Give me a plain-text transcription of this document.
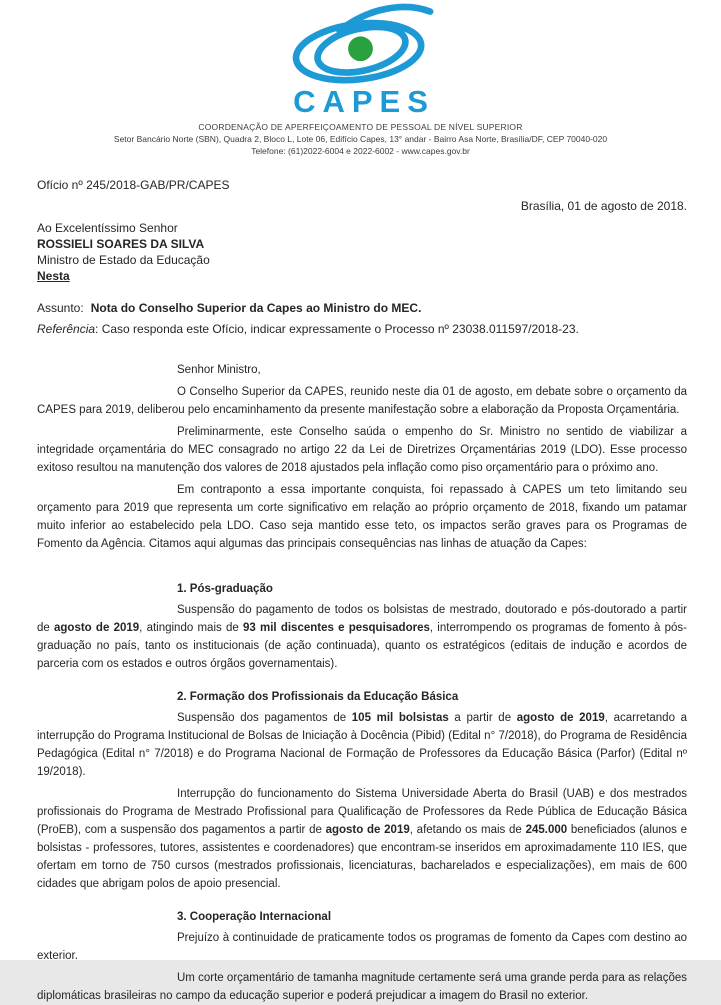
CAPES
COORDENAÇÃO DE APERFEIÇOAMENTO DE PESSOAL DE NÍVEL SUPERIOR
Setor Bancário Norte (SBN), Quadra 2, Bloco L, Lote 06, Edifício Capes, 13° andar - Bairro Asa Norte, Brasília/DF, CEP 70040-020
Telefone: (61)2022-6004 e 2022-6002 - www.capes.gov.br
Ofício nº 245/2018-GAB/PR/CAPES
Brasília, 01 de agosto de 2018.
Ao Excelentíssimo Senhor
ROSSIELI SOARES DA SILVA
Ministro de Estado da Educação
Nesta
Assunto: Nota do Conselho Superior da Capes ao Ministro do MEC.
Referência: Caso responda este Ofício, indicar expressamente o Processo nº 23038.011597/2018-23.

Senhor Ministro,

O Conselho Superior da CAPES, reunido neste dia 01 de agosto, em debate sobre o orçamento da CAPES para 2019, deliberou pelo encaminhamento da presente manifestação sobre a elaboração da Proposta Orçamentária.

Preliminarmente, este Conselho saúda o empenho do Sr. Ministro no sentido de viabilizar a integridade orçamentária do MEC consagrado no artigo 22 da Lei de Diretrizes Orçamentárias 2019 (LDO). Esse processo exitoso resultou na manutenção dos valores de 2018 ajustados pela inflação como piso orçamentário para o próximo ano.

Em contraponto a essa importante conquista, foi repassado à CAPES um teto limitando seu orçamento para 2019 que representa um corte significativo em relação ao próprio orçamento de 2018, fixando um patamar muito inferior ao estabelecido pela LDO. Caso seja mantido esse teto, os impactos serão graves para os Programas de Fomento da Agência. Citamos aqui algumas das principais consequências nas linhas de atuação da Capes:

1. Pós-graduação

Suspensão do pagamento de todos os bolsistas de mestrado, doutorado e pós-doutorado a partir de agosto de 2019, atingindo mais de 93 mil discentes e pesquisadores, interrompendo os programas de fomento à pós-graduação no país, tanto os institucionais (de ação continuada), quanto os estratégicos (editais de indução e acordos de parceria com os estados e outros órgãos governamentais).

2. Formação dos Profissionais da Educação Básica

Suspensão dos pagamentos de 105 mil bolsistas a partir de agosto de 2019, acarretando a interrupção do Programa Institucional de Bolsas de Iniciação à Docência (Pibid) (Edital n° 7/2018), do Programa de Residência Pedagógica (Edital n° 7/2018) e do Programa Nacional de Formação de Professores da Educação Básica (Parfor) (Edital nº 19/2018).

Interrupção do funcionamento do Sistema Universidade Aberta do Brasil (UAB) e dos mestrados profissionais do Programa de Mestrado Profissional para Qualificação de Professores da Rede Pública de Educação Básica (ProEB), com a suspensão dos pagamentos a partir de agosto de 2019, afetando os mais de 245.000 beneficiados (alunos e bolsistas - professores, tutores, assistentes e coordenadores) que encontram-se inseridos em aproximadamente 110 IES, que ofertam em torno de 750 cursos (mestrados profissionais, licenciaturas, bacharelados e especializações), em mais de 600 cidades que abrigam polos de apoio presencial.

3. Cooperação Internacional

Prejuízo à continuidade de praticamente todos os programas de fomento da Capes com destino ao exterior.

Um corte orçamentário de tamanha magnitude certamente será uma grande perda para as relações diplomáticas brasileiras no campo da educação superior e poderá prejudicar a imagem do Brasil no exterior.
